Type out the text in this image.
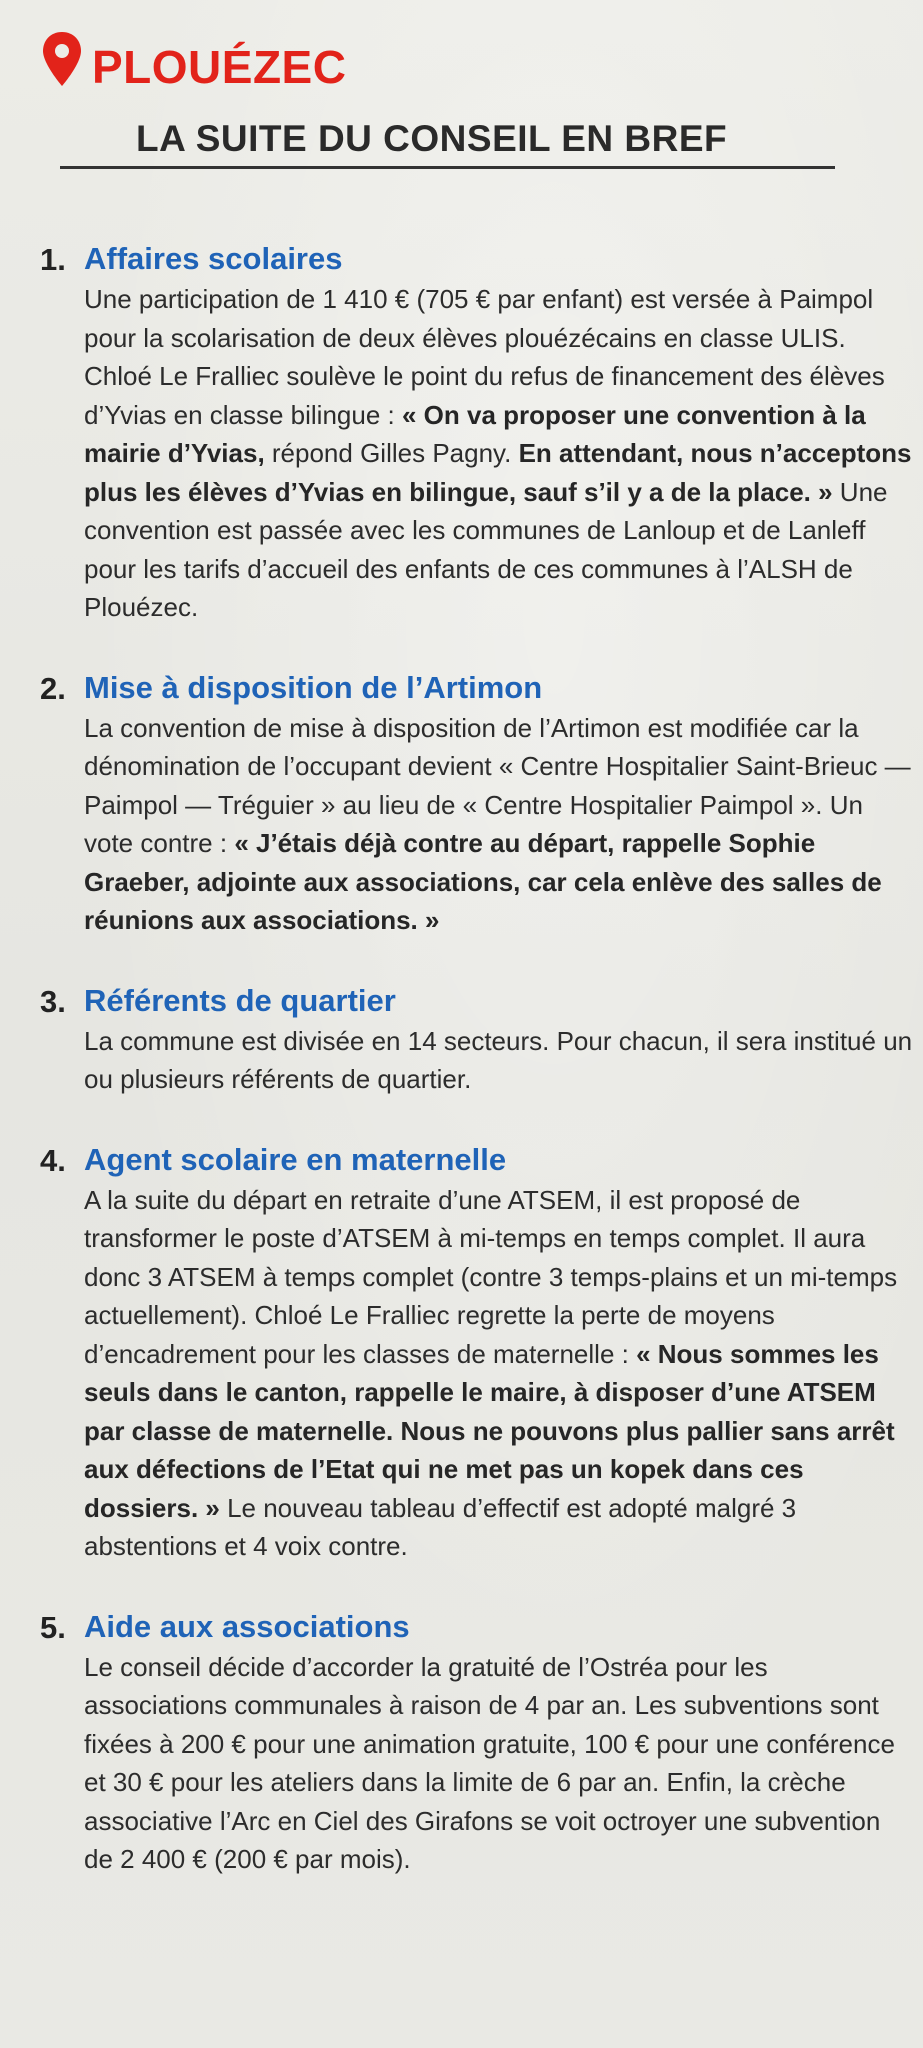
PLOUÉZEC
LA SUITE DU CONSEIL EN BREF
1. Affaires scolaires
Une participation de 1 410 € (705 € par enfant) est versée à Paimpol pour la scolarisation de deux élèves plouézécains en classe ULIS. Chloé Le Fralliec soulève le point du refus de financement des élèves d’Yvias en classe bilingue : « On va proposer une convention à la mairie d’Yvias, répond Gilles Pagny. En attendant, nous n’acceptons plus les élèves d’Yvias en bilingue, sauf s’il y a de la place. » Une convention est passée avec les communes de Lanloup et de Lanleff pour les tarifs d’accueil des enfants de ces communes à l’ALSH de Plouézec.
2. Mise à disposition de l’Artimon
La convention de mise à disposition de l’Artimon est modifiée car la dénomination de l’occupant devient « Centre Hospitalier Saint-Brieuc — Paimpol — Tréguier » au lieu de « Centre Hospitalier Paimpol ». Un vote contre : « J’étais déjà contre au départ, rappelle Sophie Graeber, adjointe aux associations, car cela enlève des salles de réunions aux associations. »
3. Référents de quartier
La commune est divisée en 14 secteurs. Pour chacun, il sera institué un ou plusieurs référents de quartier.
4. Agent scolaire en maternelle
A la suite du départ en retraite d’une ATSEM, il est proposé de transformer le poste d’ATSEM à mi-temps en temps complet. Il aura donc 3 ATSEM à temps complet (contre 3 temps-plains et un mi-temps actuellement). Chloé Le Fralliec regrette la perte de moyens d’encadrement pour les classes de maternelle : « Nous sommes les seuls dans le canton, rappelle le maire, à disposer d’une ATSEM par classe de maternelle. Nous ne pouvons plus pallier sans arrêt aux défections de l’Etat qui ne met pas un kopek dans ces dossiers. » Le nouveau tableau d’effectif est adopté malgré 3 abstentions et 4 voix contre.
5. Aide aux associations
Le conseil décide d’accorder la gratuité de l’Ostréa pour les associations communales à raison de 4 par an. Les subventions sont fixées à 200 € pour une animation gratuite, 100 € pour une conférence et 30 € pour les ateliers dans la limite de 6 par an. Enfin, la crèche associative l’Arc en Ciel des Girafons se voit octroyer une subvention de 2 400 € (200 € par mois).
